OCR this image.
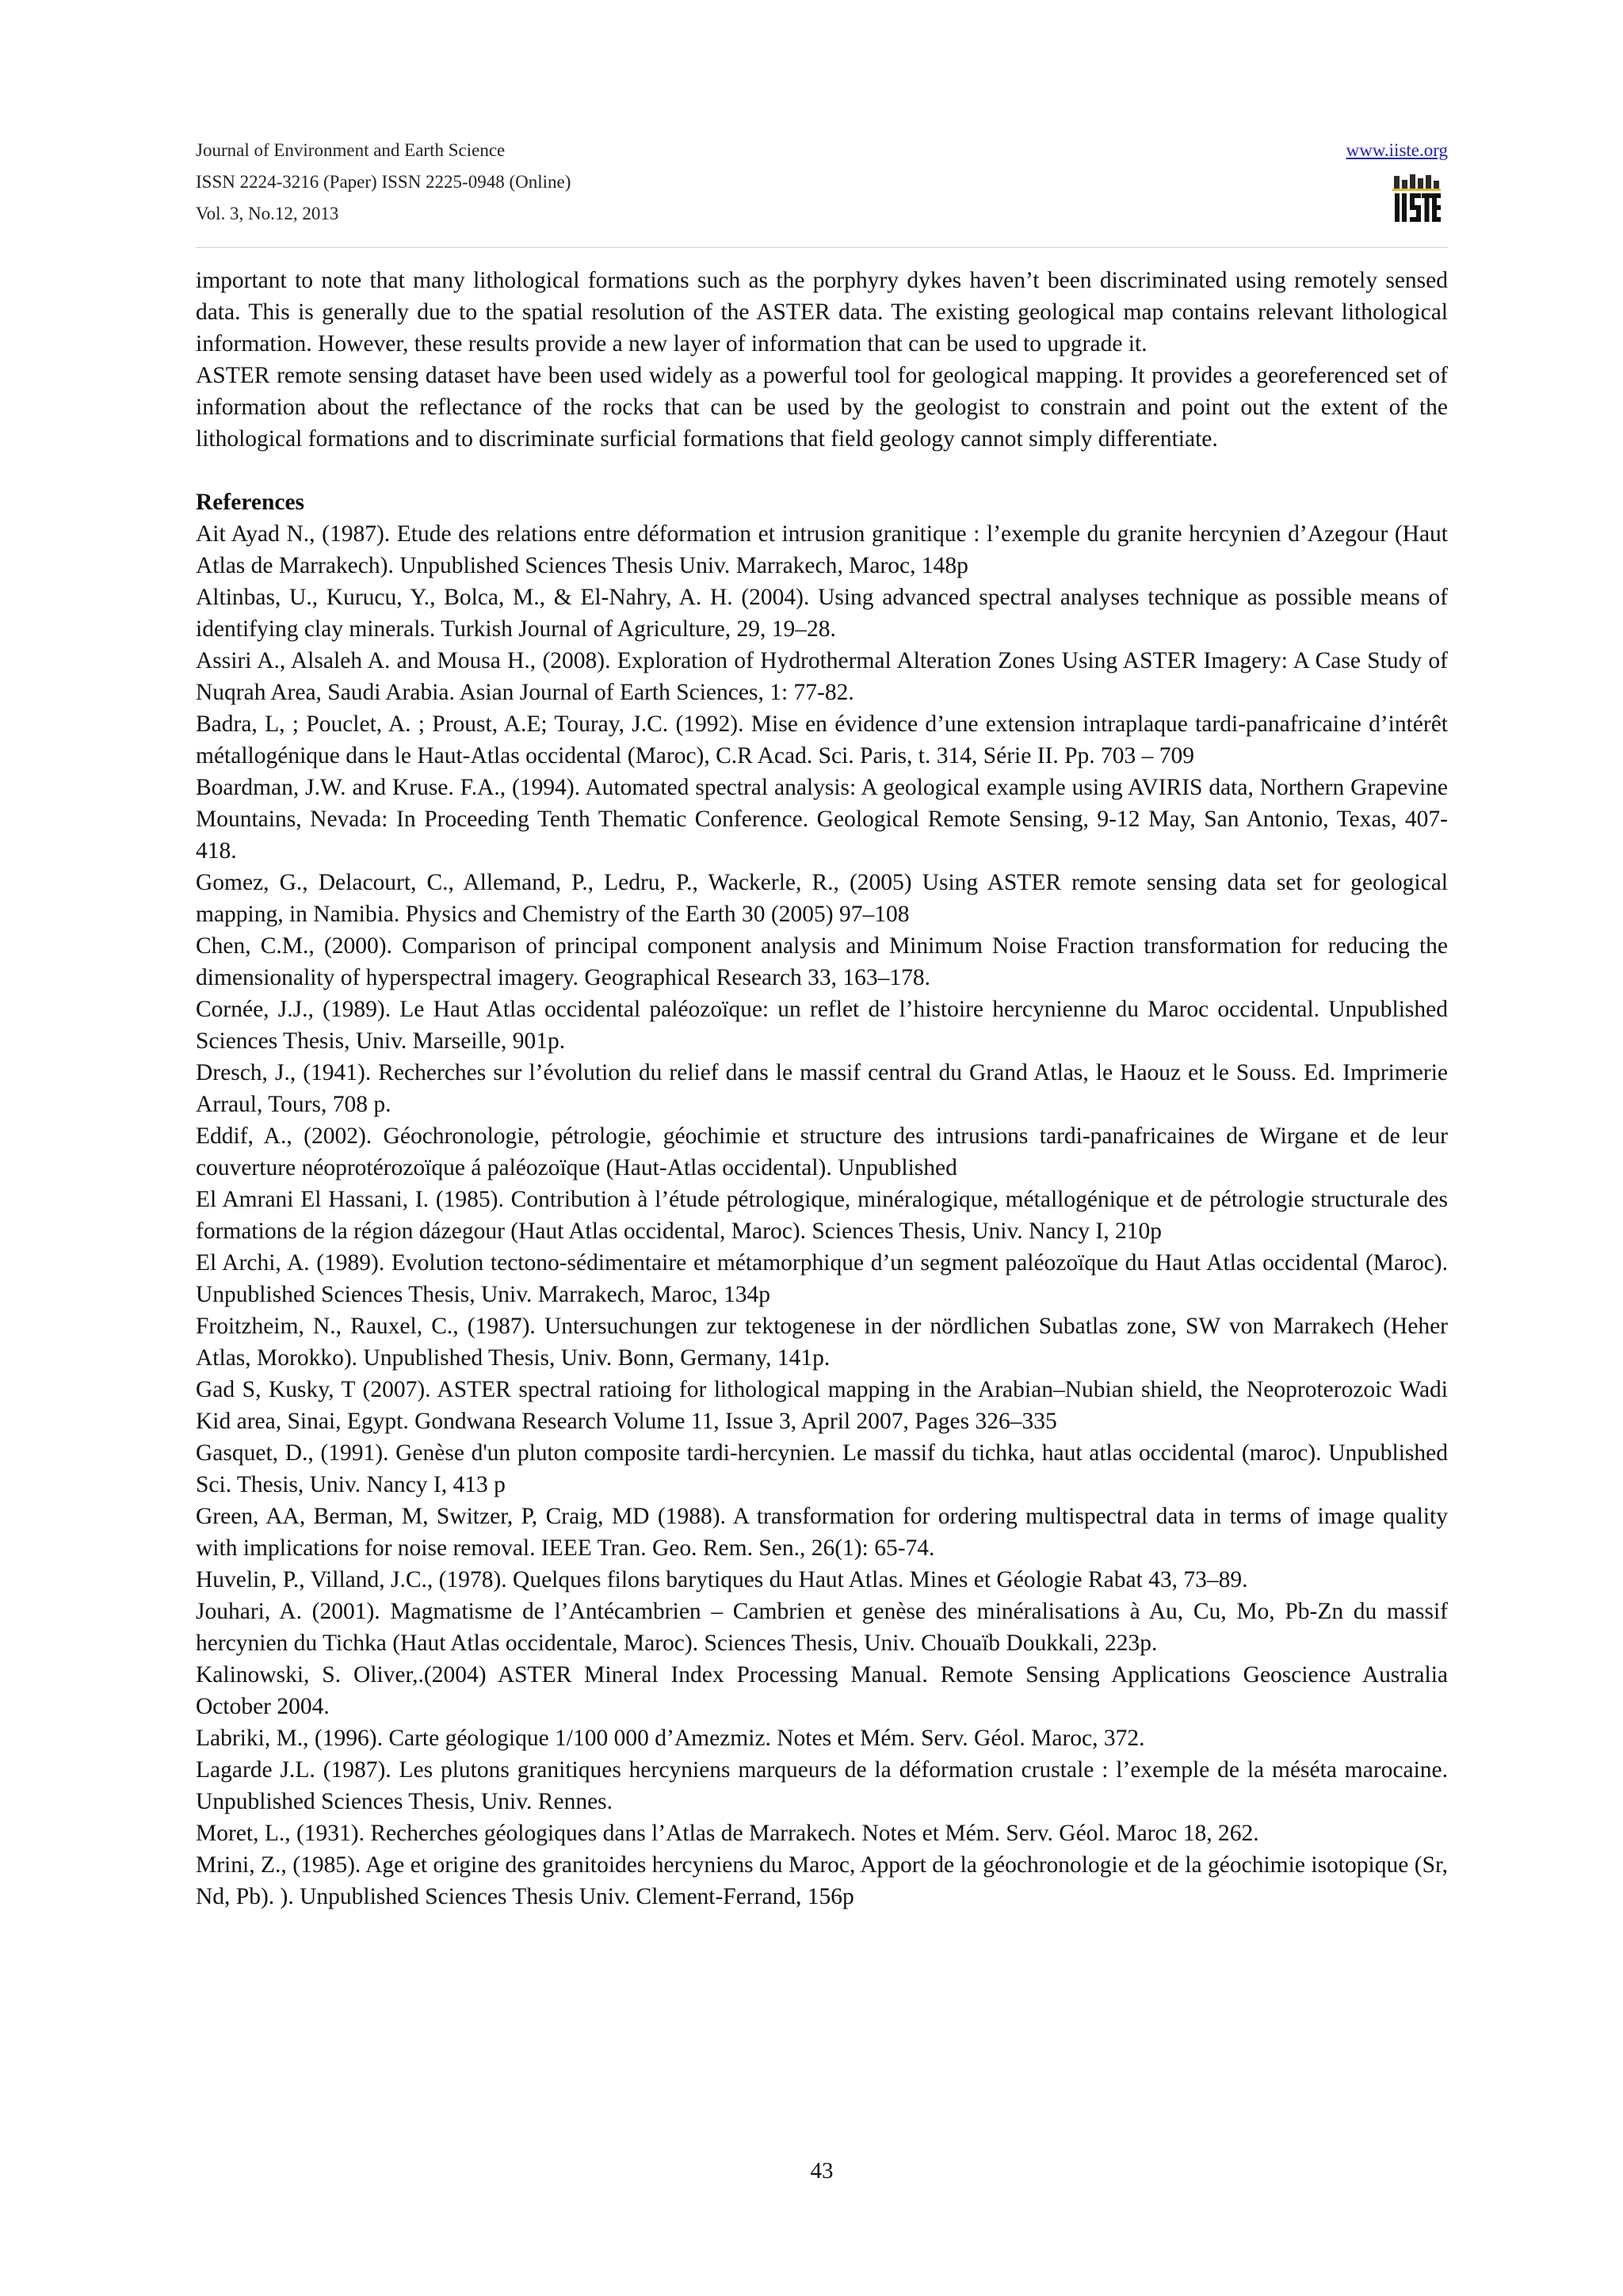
Journal of Environment and Earth Science
ISSN 2224-3216 (Paper) ISSN 2225-0948 (Online)
Vol. 3, No.12, 2013
www.iiste.org

important to note that many lithological formations such as the porphyry dykes haven’t been discriminated using remotely sensed data. This is generally due to the spatial resolution of the ASTER data. The existing geological map contains relevant lithological information. However, these results provide a new layer of information that can be used to upgrade it.

ASTER remote sensing dataset have been used widely as a powerful tool for geological mapping. It provides a georeferenced set of information about the reflectance of the rocks that can be used by the geologist to constrain and point out the extent of the lithological formations and to discriminate surficial formations that field geology cannot simply differentiate.

References

Ait Ayad N., (1987). Etude des relations entre déformation et intrusion granitique : l’exemple du granite hercynien d’Azegour (Haut Atlas de Marrakech). Unpublished Sciences Thesis Univ. Marrakech, Maroc, 148p

Altinbas, U., Kurucu, Y., Bolca, M., & El-Nahry, A. H. (2004). Using advanced spectral analyses technique as possible means of identifying clay minerals. Turkish Journal of Agriculture, 29, 19–28.

Assiri A., Alsaleh A. and Mousa H., (2008). Exploration of Hydrothermal Alteration Zones Using ASTER Imagery: A Case Study of Nuqrah Area, Saudi Arabia. Asian Journal of Earth Sciences, 1: 77-82.

Badra, L, ; Pouclet, A. ; Proust, A.E; Touray, J.C. (1992). Mise en évidence d’une extension intraplaque tardi-panafricaine d’intérêt métallogénique dans le Haut-Atlas occidental (Maroc), C.R Acad. Sci. Paris, t. 314, Série II. Pp. 703 – 709

Boardman, J.W. and Kruse. F.A., (1994). Automated spectral analysis: A geological example using AVIRIS data, Northern Grapevine Mountains, Nevada: In Proceeding Tenth Thematic Conference. Geological Remote Sensing, 9-12 May, San Antonio, Texas, 407-418.

Gomez, G., Delacourt, C., Allemand, P., Ledru, P., Wackerle, R., (2005) Using ASTER remote sensing data set for geological mapping, in Namibia. Physics and Chemistry of the Earth 30 (2005) 97–108

Chen, C.M., (2000). Comparison of principal component analysis and Minimum Noise Fraction transformation for reducing the dimensionality of hyperspectral imagery. Geographical Research 33, 163–178.

Cornée, J.J., (1989). Le Haut Atlas occidental paléozoïque: un reflet de l’histoire hercynienne du Maroc occidental. Unpublished Sciences Thesis, Univ. Marseille, 901p.

Dresch, J., (1941). Recherches sur l’évolution du relief dans le massif central du Grand Atlas, le Haouz et le Souss. Ed. Imprimerie Arraul, Tours, 708 p.

Eddif, A., (2002). Géochronologie, pétrologie, géochimie et structure des intrusions tardi-panafricaines de Wirgane et de leur couverture néoprotérozoïque á paléozoïque (Haut-Atlas occidental). Unpublished

El Amrani El Hassani, I. (1985). Contribution à l’étude pétrologique, minéralogique, métallogénique et de pétrologie structurale des formations de la région dázegour (Haut Atlas occidental, Maroc). Sciences Thesis, Univ. Nancy I, 210p

El Archi, A. (1989). Evolution tectono-sédimentaire et métamorphique d’un segment paléozoïque du Haut Atlas occidental (Maroc). Unpublished Sciences Thesis, Univ. Marrakech, Maroc, 134p

Froitzheim, N., Rauxel, C., (1987). Untersuchungen zur tektogenese in der nördlichen Subatlas zone, SW von Marrakech (Heher Atlas, Morokko). Unpublished Thesis, Univ. Bonn, Germany, 141p.

Gad S, Kusky, T (2007). ASTER spectral ratioing for lithological mapping in the Arabian–Nubian shield, the Neoproterozoic Wadi Kid area, Sinai, Egypt. Gondwana Research Volume 11, Issue 3, April 2007, Pages 326–335

Gasquet, D., (1991). Genèse d'un pluton composite tardi-hercynien. Le massif du tichka, haut atlas occidental (maroc). Unpublished Sci. Thesis, Univ. Nancy I, 413 p

Green, AA, Berman, M, Switzer, P, Craig, MD (1988). A transformation for ordering multispectral data in terms of image quality with implications for noise removal. IEEE Tran. Geo. Rem. Sen., 26(1): 65-74.

Huvelin, P., Villand, J.C., (1978). Quelques filons barytiques du Haut Atlas. Mines et Géologie Rabat 43, 73–89.

Jouhari, A. (2001). Magmatisme de l’Antécambrien – Cambrien et genèse des minéralisations à Au, Cu, Mo, Pb-Zn du massif hercynien du Tichka (Haut Atlas occidentale, Maroc). Sciences Thesis, Univ. Chouaïb Doukkali, 223p.

Kalinowski, S. Oliver,.(2004) ASTER Mineral Index Processing Manual. Remote Sensing Applications Geoscience Australia October 2004.

Labriki, M., (1996). Carte géologique 1/100 000 d’Amezmiz. Notes et Mém. Serv. Géol. Maroc, 372.

Lagarde J.L. (1987). Les plutons granitiques hercyniens marqueurs de la déformation crustale : l’exemple de la méséta marocaine. Unpublished Sciences Thesis, Univ. Rennes.

Moret, L., (1931). Recherches géologiques dans l’Atlas de Marrakech. Notes et Mém. Serv. Géol. Maroc 18, 262.

Mrini, Z., (1985). Age et origine des granitoides hercyniens du Maroc, Apport de la géochronologie et de la géochimie isotopique (Sr, Nd, Pb). ). Unpublished Sciences Thesis Univ. Clement-Ferrand, 156p

43
